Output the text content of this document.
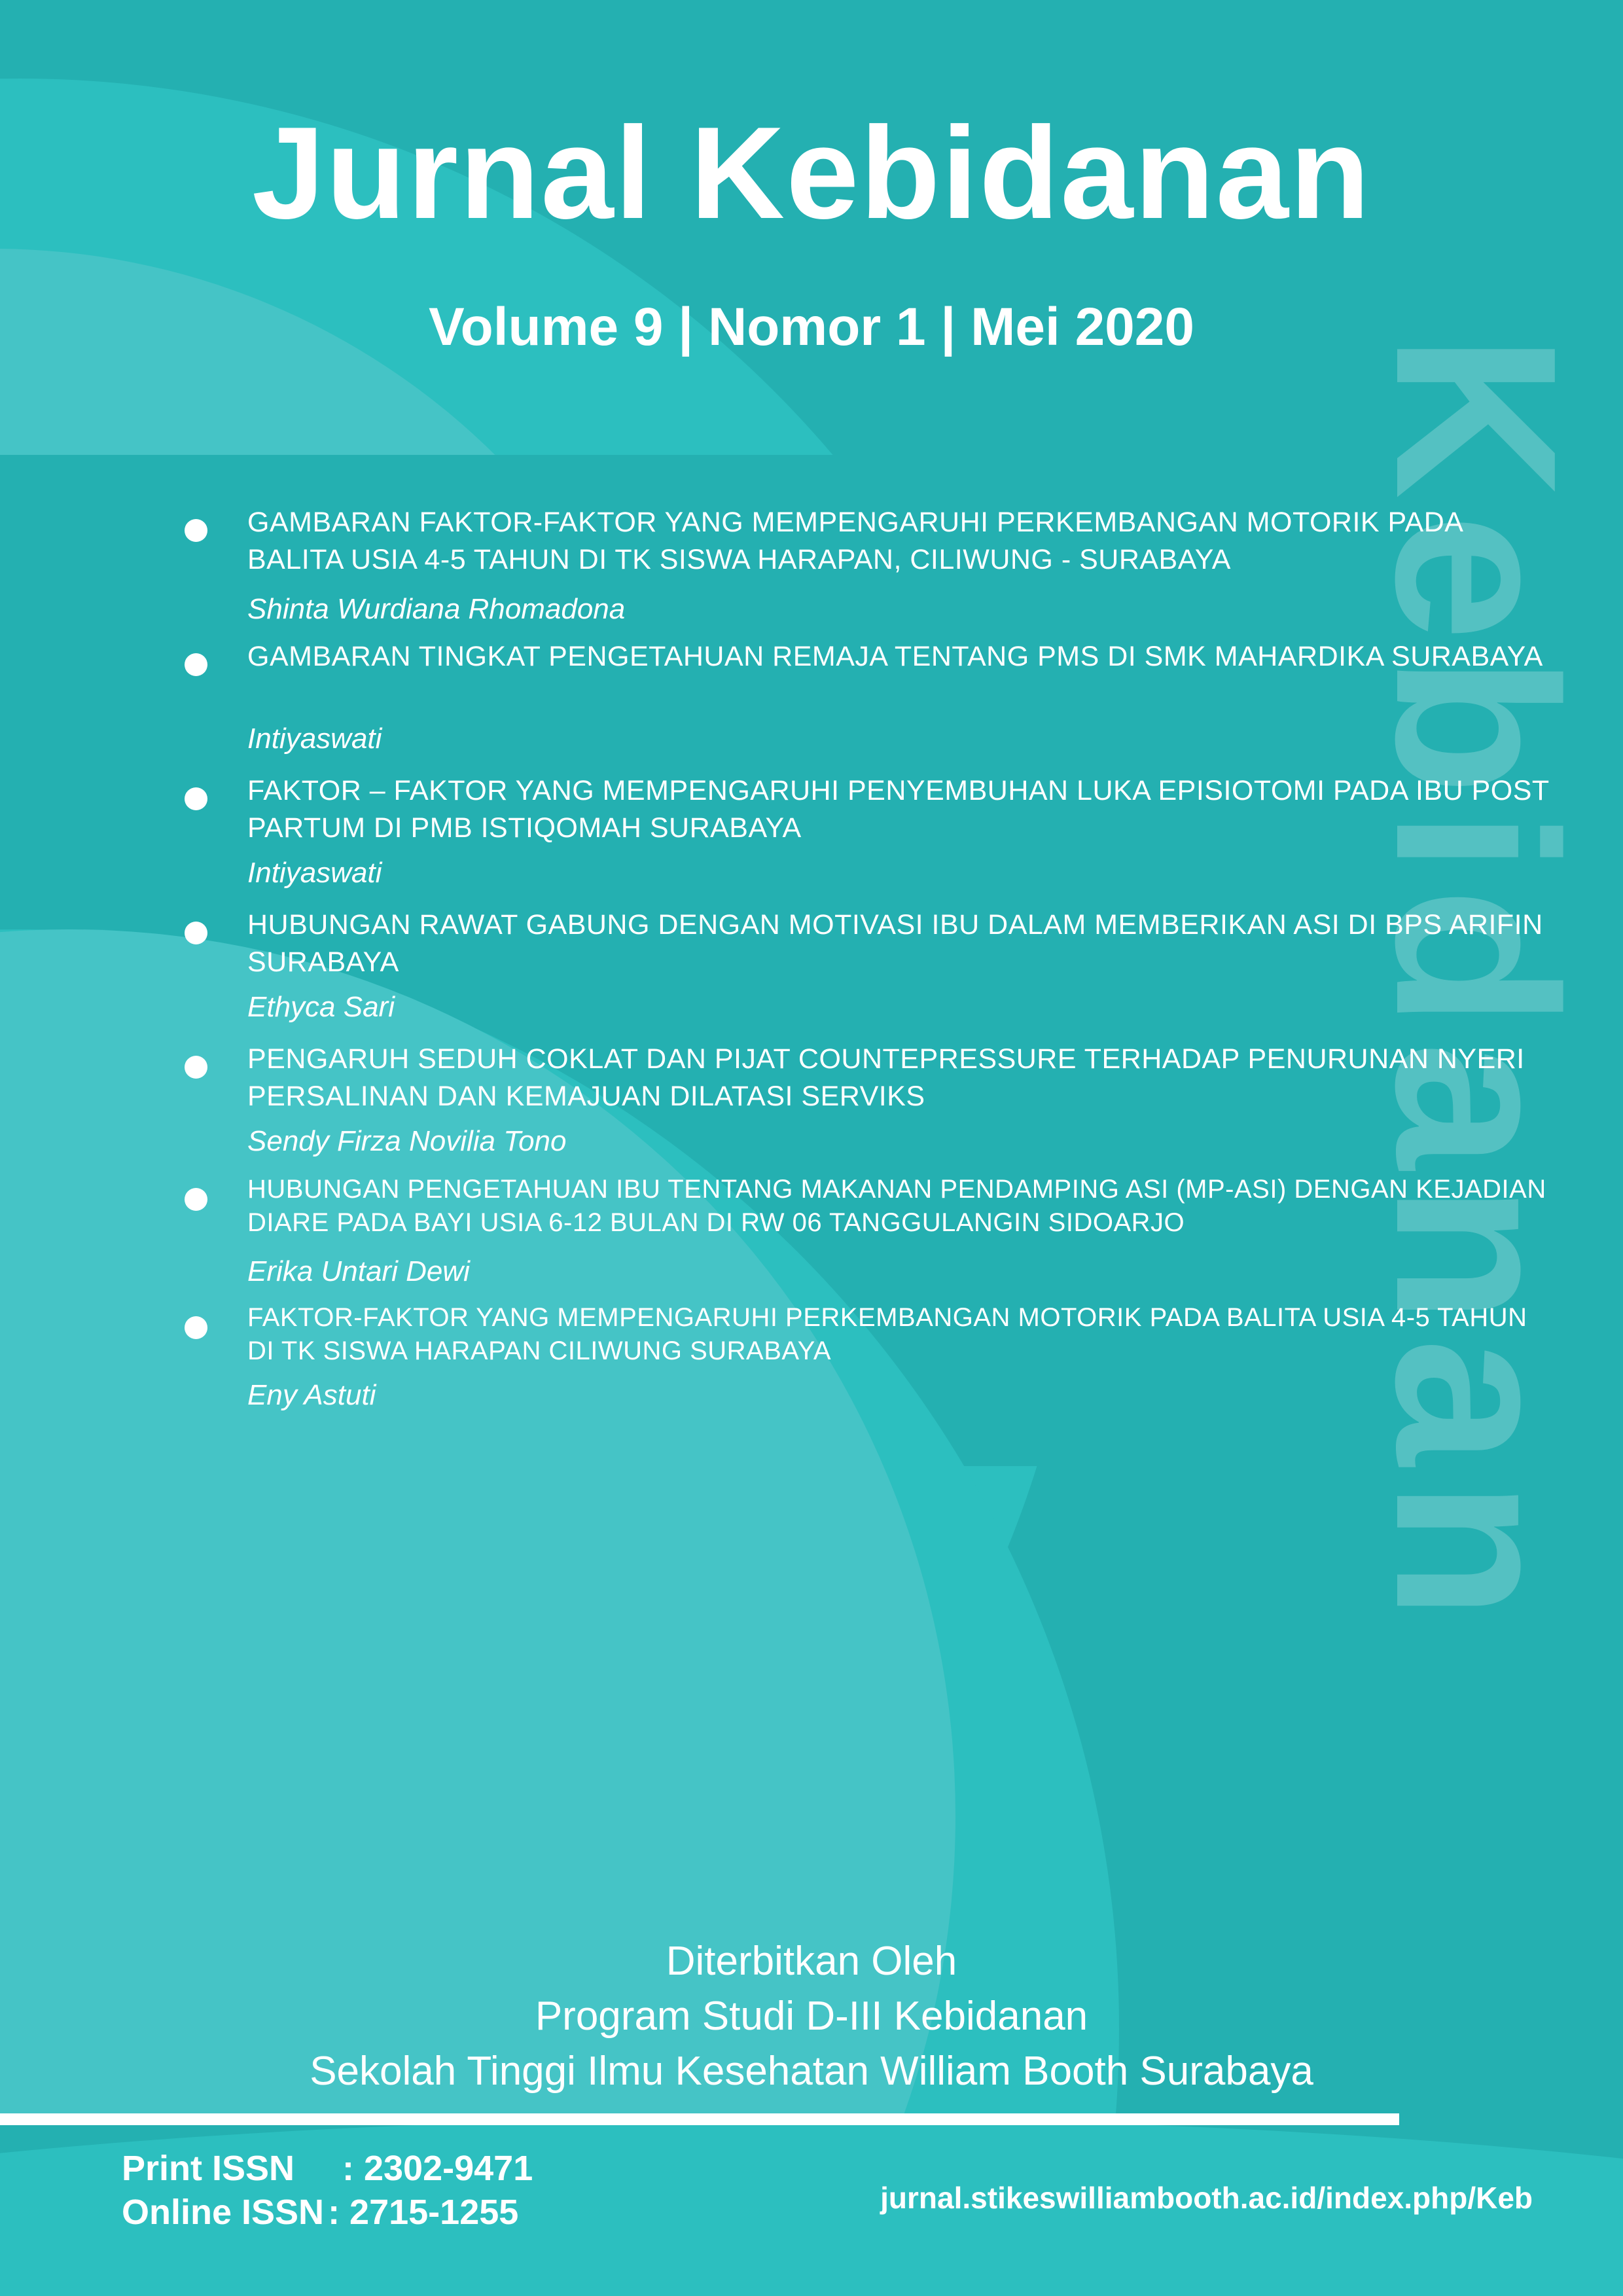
Kebidanan
Jurnal Kebidanan
Volume 9 | Nomor 1 | Mei 2020
GAMBARAN FAKTOR-FAKTOR YANG MEMPENGARUHI PERKEMBANGAN MOTORIK PADA BALITA USIA 4-5 TAHUN DI TK SISWA HARAPAN, CILIWUNG - SURABAYA
Shinta Wurdiana Rhomadona
GAMBARAN TINGKAT PENGETAHUAN REMAJA TENTANG PMS DI SMK MAHARDIKA SURABAYA
Intiyaswati
FAKTOR – FAKTOR YANG MEMPENGARUHI PENYEMBUHAN LUKA EPISIOTOMI PADA IBU POST PARTUM DI PMB ISTIQOMAH SURABAYA
Intiyaswati
HUBUNGAN RAWAT GABUNG DENGAN MOTIVASI IBU DALAM MEMBERIKAN ASI DI BPS ARIFIN SURABAYA
Ethyca Sari
PENGARUH SEDUH COKLAT DAN PIJAT COUNTEPRESSURE TERHADAP PENURUNAN NYERI PERSALINAN DAN KEMAJUAN DILATASI SERVIKS
Sendy Firza Novilia Tono
HUBUNGAN PENGETAHUAN IBU TENTANG MAKANAN PENDAMPING ASI (MP-ASI) DENGAN KEJADIAN DIARE PADA BAYI USIA 6-12 BULAN DI RW 06 TANGGULANGIN SIDOARJO
Erika Untari Dewi
FAKTOR-FAKTOR YANG MEMPENGARUHI PERKEMBANGAN MOTORIK PADA BALITA USIA 4-5 TAHUN DI TK SISWA HARAPAN CILIWUNG SURABAYA
Eny Astuti
Diterbitkan Oleh
Program Studi D-III Kebidanan
Sekolah Tinggi Ilmu Kesehatan William Booth Surabaya
Print ISSN : 2302-9471
Online ISSN : 2715-1255	jurnal.stikeswilliambooth.ac.id/index.php/Keb
